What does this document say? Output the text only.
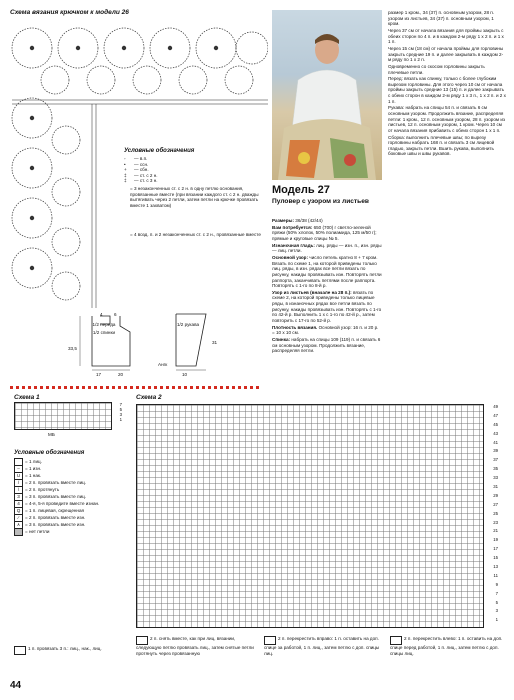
Схема вязания крючком к модели 26
Условные обозначения
◦ — в.п.
• — ссн.
+ — сбн.
‡ — ст. с 2 н.
‡ — ст. с 3 н.
= 3 незаконченных ст. с 2 н. в одну петлю основания, провязанные вместе (при вязании каждого ст. с 2 н. дважды вытягивать через 2 петли, затем петли на крючке провязать вместе 1 захватом)
= 4 возд. п. и 2 незаконченных ст. с 2 н., провязанные вместе
1/2 переда
1/2 спинки
1/2 рукава
33,5
4 6
17	20	10
31
Ангк
Модель 27
Пуловер с узором из листьев

Размеры: 36/38 (42/44)

Вам потребуется: 650 (700) г светло-зеленой пряжи (50% хлопок, 50% полиамида, 125 м/50 г); прямые и круговые спицы № 5.

Изнаночная гладь: лиц. ряды — изн. п., изн. ряды — лиц. петли.

Основной узор: число петель кратно 8 + 7 кром. Вязать по схеме 1, на которой приведены только лиц. ряды, в изн. рядах все петли вязать по рисунку, накиды провязывать изн. Повторять петли раппорта, заканчивать петлями после раппорта. Повторять с 1-го по 8-й р.

Узор из листьев (вначале на 28 п.): вязать по схеме 2, на которой приведены только лицевые ряды, в изнаночных рядах все петли вязать по рисунку, накиды провязывать изн. Повторять с 1-го по 42-й р. Выполнить 1 х с 1-го по 42-й р., затем повторить с 17-го по 52-й р.

Плотность вязания. Основной узор: 16 п. и 20 р. = 10 х 10 см.

Спинка: набрать на спицы 109 (119) п. и связать 6 см основным узором. Продолжить вязание, распределяя петли.

размер 1 кром., 34 (37) п. основным узором, 28 п. узором из листьев, 34 (37) п. основным узором, 1 кром.

Через 37 см от начала вязания для проймы закрыть с обеих сторон по 4 п. и в каждом 2-м ряду 1 х 2 п. и 1 х 1 п.

Через 15 см (18 см) от начала проймы для горловины закрыть средние 19 п. и далее закрывать в каждом 2-м ряду по 1 х 2 п.

Одновременно со скосом горловины закрыть плечевые петли.

Перед: вязать как спинку, только с более глубоким вырезом горловины. Для этого через 10 см от начала проймы закрыть средние 13 (15) п. и далее закрывать с обеих сторон в каждом 2-м ряду 1 х 3 п., 1 х 2 п. и 2 х 1 п.

Рукава: набрать на спицы 54 п. и связать 6 см основным узором. Продолжить вязание, распределяя петли: 1 кром., 12 п. основным узором, 28 п. узором из листьев, 12 п. основным узором, 1 кром. Через 10 см от начала вязания прибавить с обеих сторон 1 х 1 п.

Сборка: выполнить плечевые швы; по вырезу горловины набрать 168 п. и связать 3 см лицевой гладью, закрыть петли. Вшить рукава, выполнить боковые швы и швы рукавов.

Схема 1
7
5
3
1
МБ
Схема 2
49
47
45
43
41
39
37
35
33
31
29
27
25
23
21
19
17
15
13
11
9
7
5
3
1
Условные обозначения
= 1 лиц.
–	= 1 изн.
U	= 1 нак.
/	= 2 п. провязать вместе лиц.
\	= 2 п. протянуть
3	= 3 п. провязать вместе лиц.
4	= 4-я, 5-я проведите вместе изнан.
Q	= 1 п. лицевая, скрещенная
⁄	= 2 п. провязать вместе изн.
∧	= 3 п. провязать вместе изн.
= нет петли
2 п. снять вместе, как при лиц. вязании, следующую петлю провязать лиц., затем снятые петли протянуть через провязанную
2 п. перекрестить вправо: 1 п. оставить на доп. спице за работой, 1 п. лиц., затем петлю с доп. спицы лиц.
2 п. перекрестить влево: 1 п. оставить на доп. спице перед работой, 1 п. лиц., затем петлю с доп. спицы лиц.
1 п. провязать 3 п.: лиц., нак., лиц.
44
